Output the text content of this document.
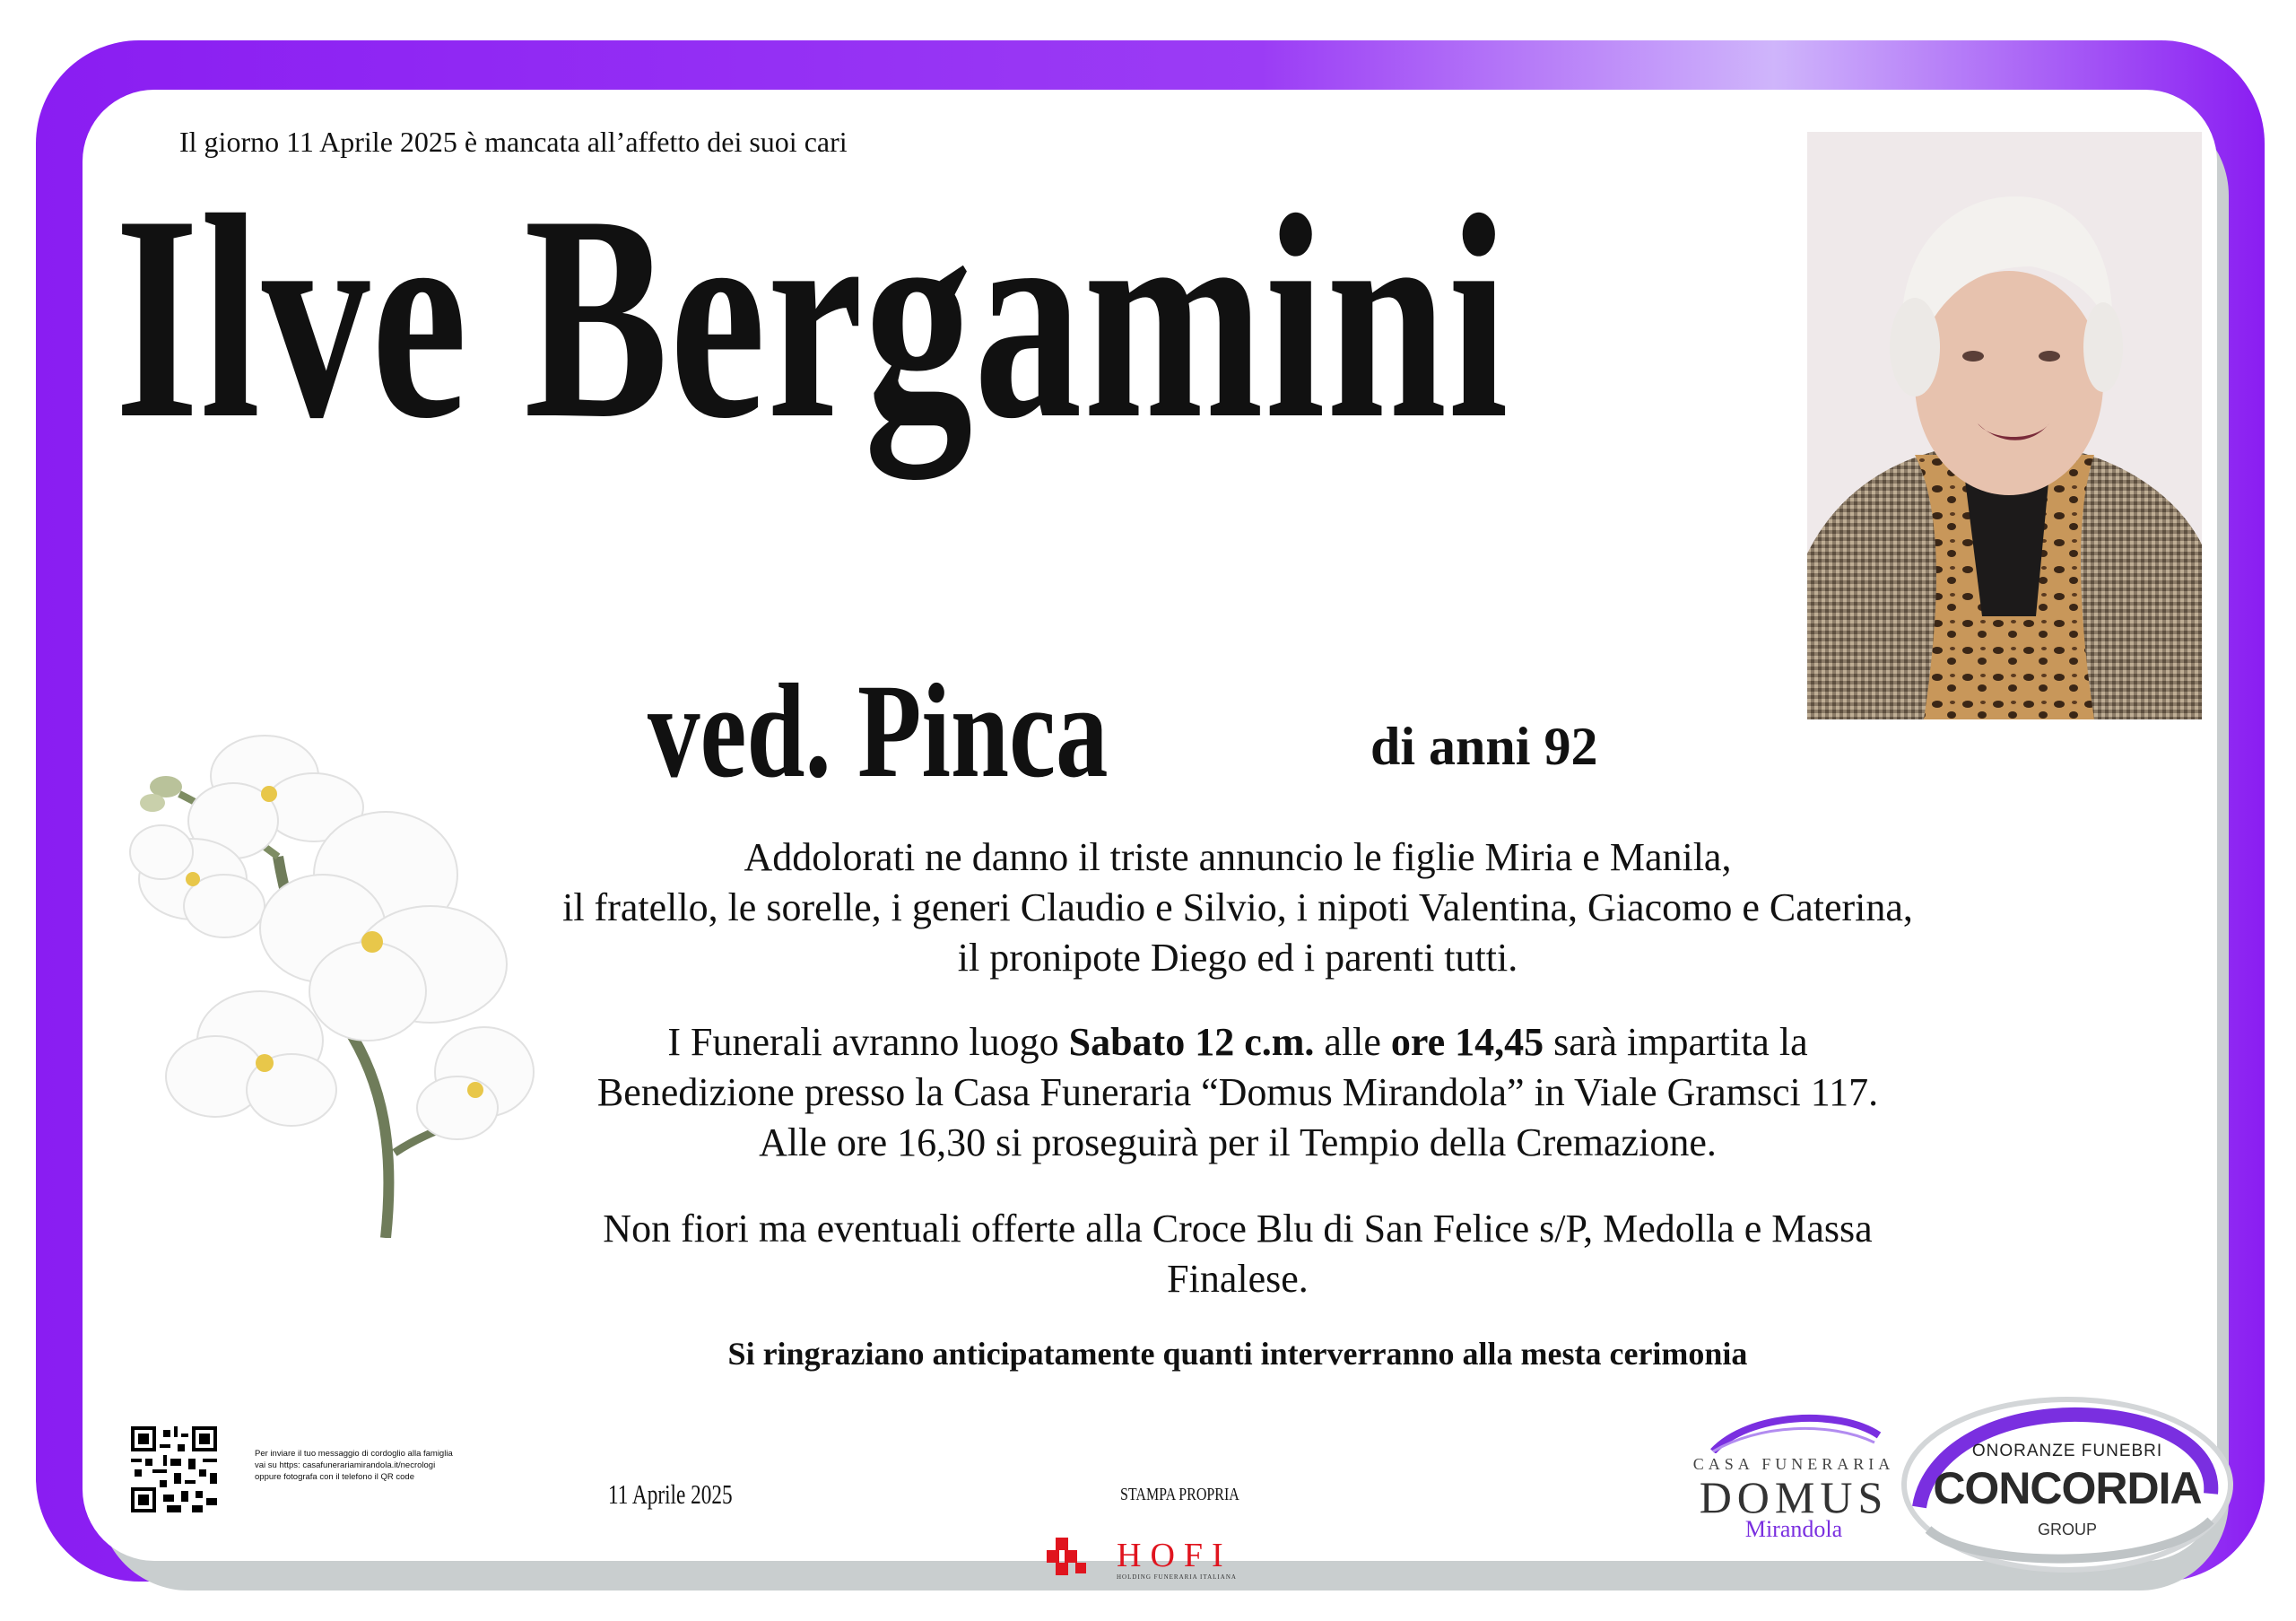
Il giorno 11 Aprile 2025 è mancata all’affetto dei suoi cari
Ilve Bergamini
ved. Pinca	di anni 92
Addolorati ne danno il triste annuncio le figlie Miria e Manila,
il fratello, le sorelle, i generi Claudio e Silvio, i nipoti Valentina, Giacomo e Caterina,
il pronipote Diego ed i parenti tutti.
I Funerali avranno luogo Sabato 12 c.m. alle ore 14,45 sarà impartita la
Benedizione presso la Casa Funeraria “Domus Mirandola” in Viale Gramsci 117.
Alle ore 16,30 si proseguirà per il Tempio della Cremazione.
Non fiori ma eventuali offerte alla Croce Blu di San Felice s/P, Medolla e Massa Finalese.
Si ringraziano anticipatamente quanti interverranno alla mesta cerimonia
Per inviare il tuo messaggio di cordoglio alla famiglia
vai su https: casafunerariamirandola.it/necrologi
oppure fotografa con il telefono il QR code
11 Aprile 2025	STAMPA PROPRIA
HOFI
HOLDING FUNERARIA ITALIANA
CASA FUNERARIA
DOMUS
Mirandola
ONORANZE FUNEBRI
CONCORDIA
GROUP
